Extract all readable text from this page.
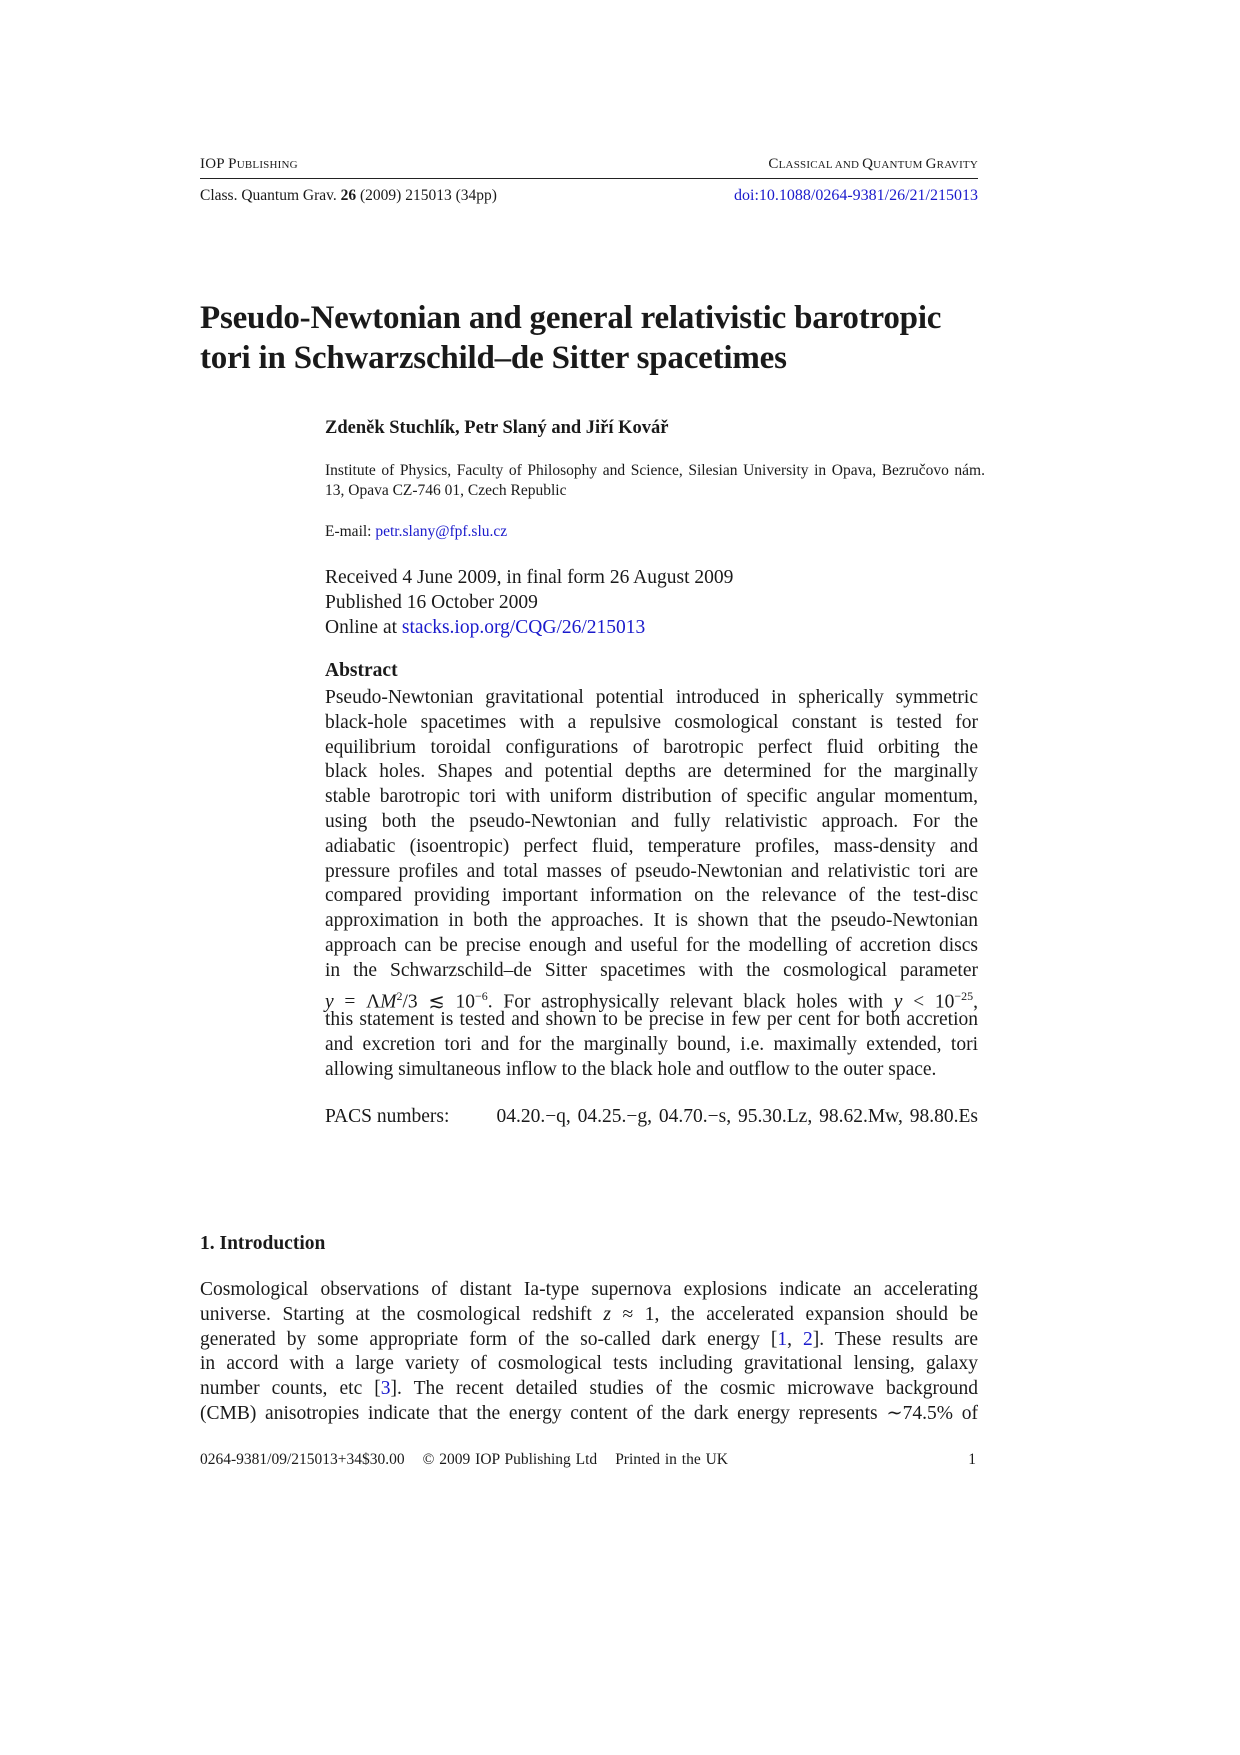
IOP PUBLISHING	CLASSICAL AND QUANTUM GRAVITY
Class. Quantum Grav. 26 (2009) 215013 (34pp)	doi:10.1088/0264-9381/26/21/215013
Pseudo-Newtonian and general relativistic barotropic
tori in Schwarzschild–de Sitter spacetimes
Zdeněk Stuchlík, Petr Slaný and Jiří Kovář
Institute of Physics, Faculty of Philosophy and Science, Silesian University in Opava, Bezručovo nám. 13, Opava CZ-746 01, Czech Republic
E-mail: petr.slany@fpf.slu.cz
Received 4 June 2009, in final form 26 August 2009
Published 16 October 2009
Online at stacks.iop.org/CQG/26/215013
Abstract
Pseudo-Newtonian gravitational potential introduced in spherically symmetric
black-hole spacetimes with a repulsive cosmological constant is tested for
equilibrium toroidal configurations of barotropic perfect fluid orbiting the
black holes. Shapes and potential depths are determined for the marginally
stable barotropic tori with uniform distribution of specific angular momentum,
using both the pseudo-Newtonian and fully relativistic approach. For the
adiabatic (isoentropic) perfect fluid, temperature profiles, mass-density and
pressure profiles and total masses of pseudo-Newtonian and relativistic tori are
compared providing important information on the relevance of the test-disc
approximation in both the approaches. It is shown that the pseudo-Newtonian
approach can be precise enough and useful for the modelling of accretion discs
in the Schwarzschild–de Sitter spacetimes with the cosmological parameter
$y = \Lambda M^2/3$ ≲ $10^{-6}$. For astrophysically relevant black holes with $y < 10^{-25}$,
this statement is tested and shown to be precise in few per cent for both accretion
and excretion tori and for the marginally bound, i.e. maximally extended, tori
allowing simultaneous inflow to the black hole and outflow to the outer space.
PACS numbers: 04.20.−q, 04.25.−g, 04.70.−s, 95.30.Lz, 98.62.Mw, 98.80.Es
1. Introduction
Cosmological observations of distant Ia-type supernova explosions indicate an accelerating
universe. Starting at the cosmological redshift z ≈ 1, the accelerated expansion should be
generated by some appropriate form of the so-called dark energy [1, 2]. These results are
in accord with a large variety of cosmological tests including gravitational lensing, galaxy
number counts, etc [3]. The recent detailed studies of the cosmic microwave background
(CMB) anisotropies indicate that the energy content of the dark energy represents ∼74.5% of
0264-9381/09/215013+34$30.00 © 2009 IOP Publishing Ltd Printed in the UK	1
